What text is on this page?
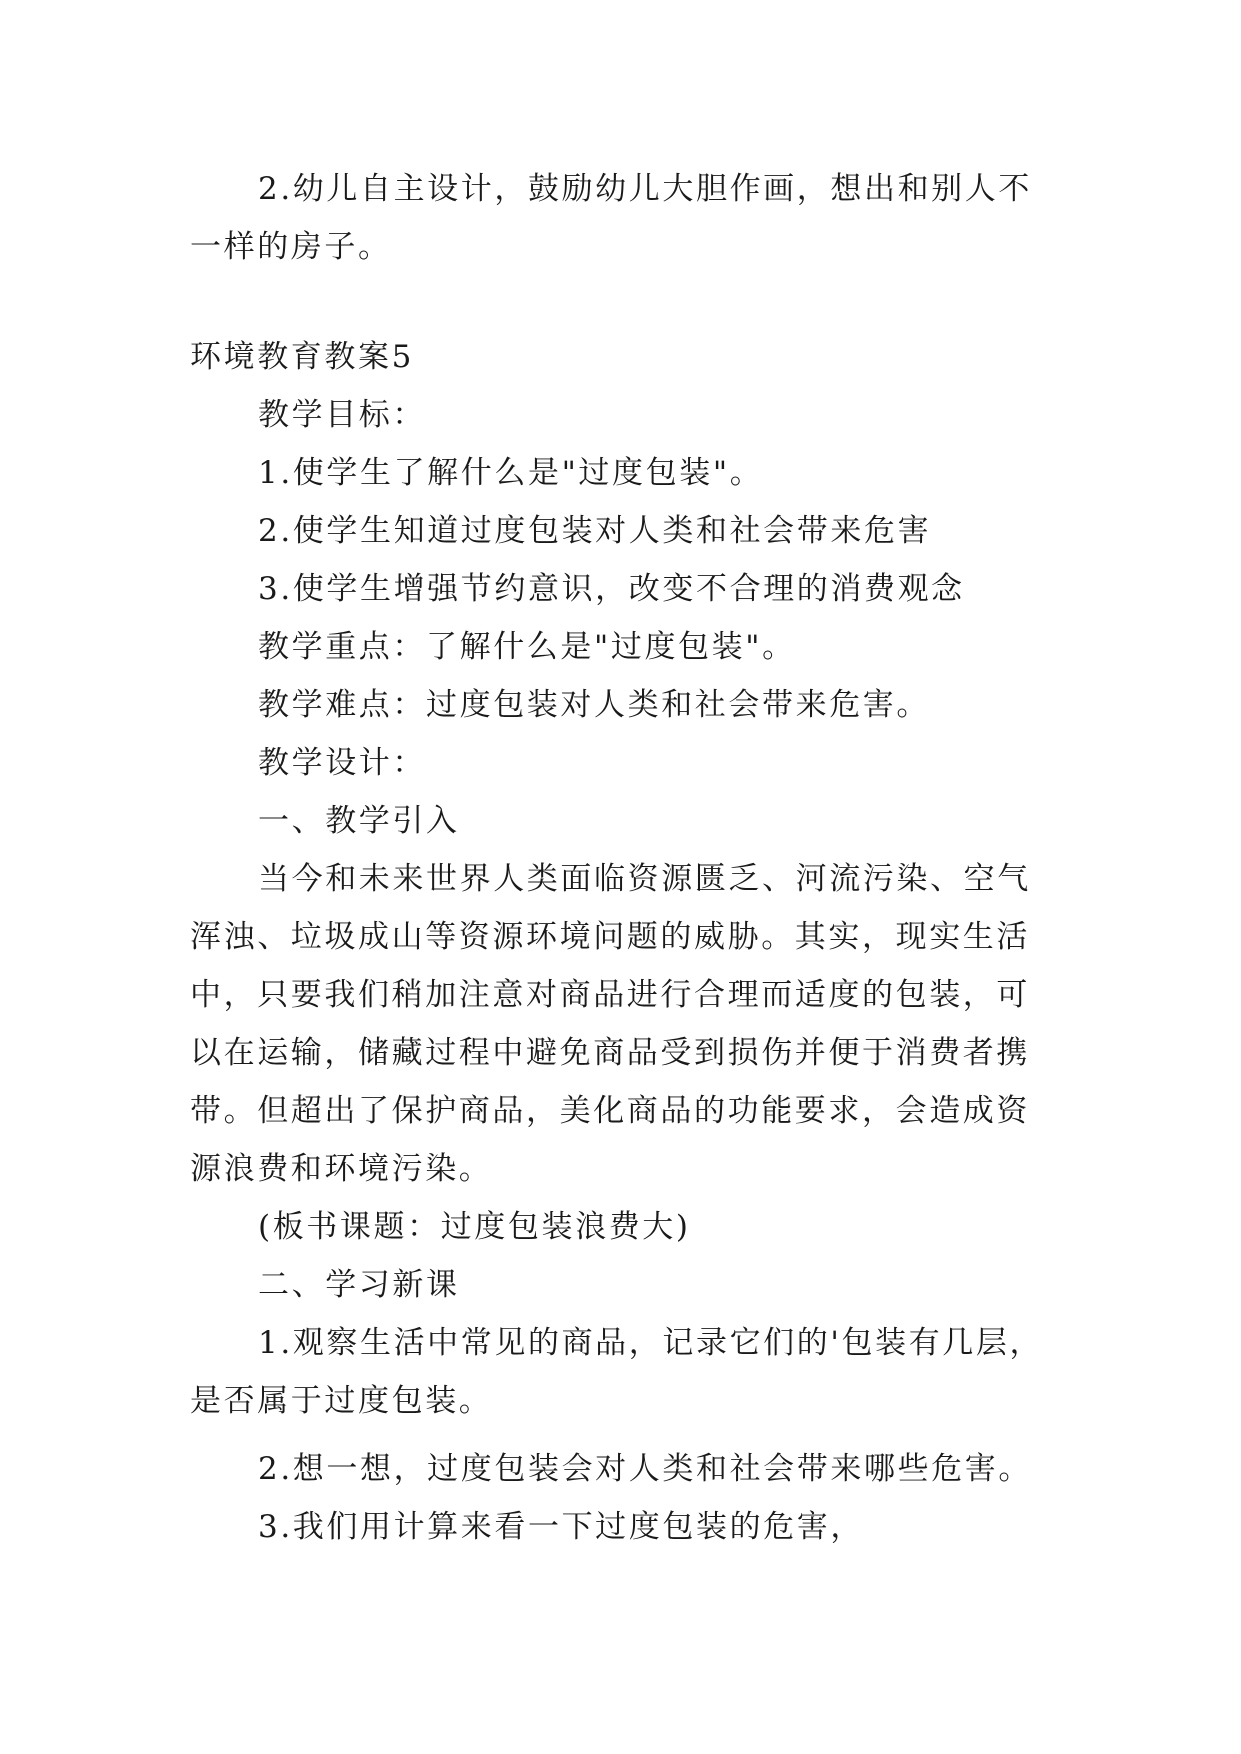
2.幼儿自主设计，鼓励幼儿大胆作画，想出和别人不一样的房子。

环境教育教案5

教学目标：

1.使学生了解什么是"过度包装"。

2.使学生知道过度包装对人类和社会带来危害

3.使学生增强节约意识，改变不合理的消费观念

教学重点：了解什么是"过度包装"。

教学难点：过度包装对人类和社会带来危害。

教学设计：

一、教学引入

当今和未来世界人类面临资源匮乏、河流污染、空气浑浊、垃圾成山等资源环境问题的威胁。其实，现实生活中，只要我们稍加注意对商品进行合理而适度的包装，可以在运输，储藏过程中避免商品受到损伤并便于消费者携带。但超出了保护商品，美化商品的功能要求，会造成资源浪费和环境污染。

(板书课题：过度包装浪费大)

二、学习新课

1.观察生活中常见的商品，记录它们的'包装有几层，是否属于过度包装。

2.想一想，过度包装会对人类和社会带来哪些危害。

3.我们用计算来看一下过度包装的危害，
